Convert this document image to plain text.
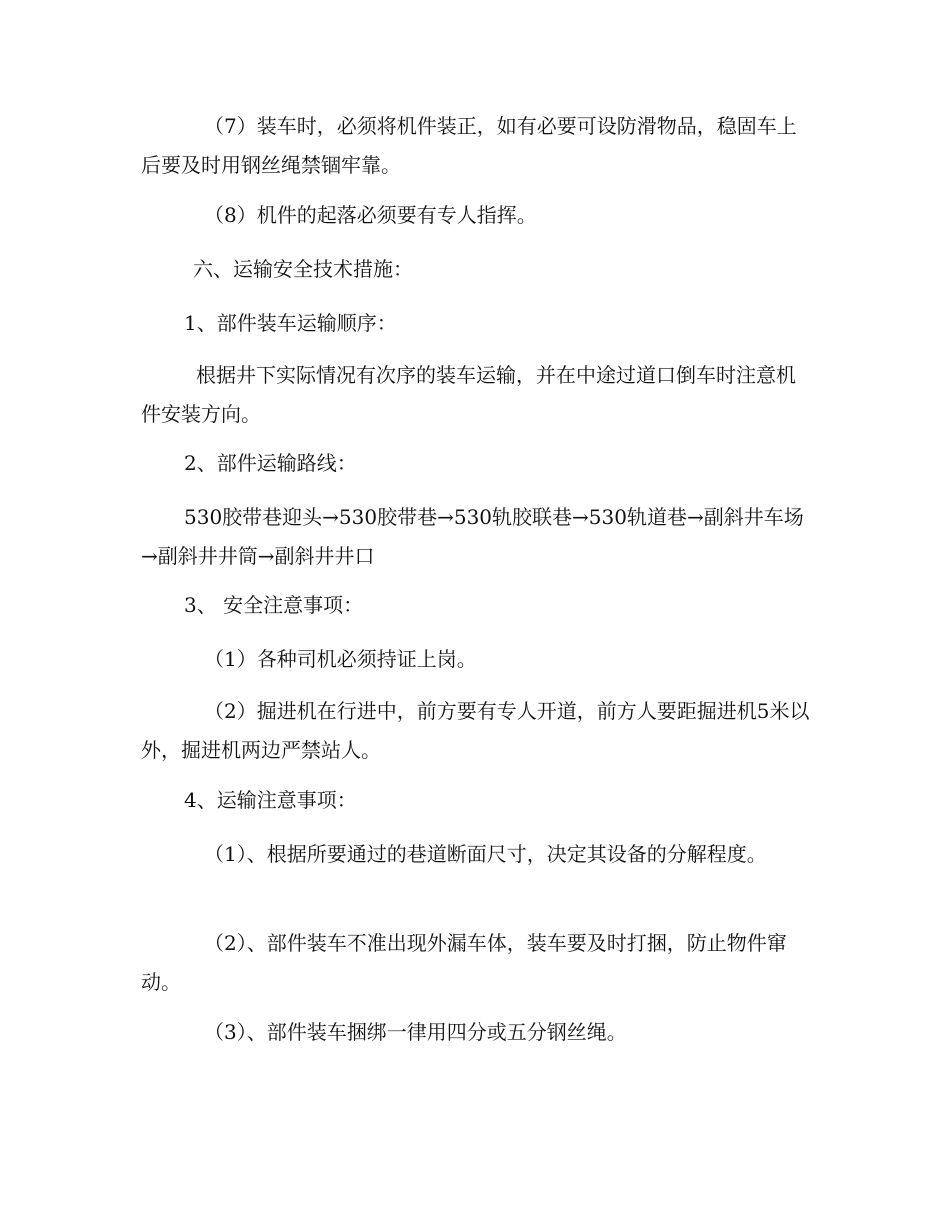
（7）装车时，必须将机件装正，如有必要可设防滑物品，稳固车上后要及时用钢丝绳禁锢牢靠。

（8）机件的起落必须要有专人指挥。

六、运输安全技术措施：

1、部件装车运输顺序：

根据井下实际情况有次序的装车运输，并在中途过道口倒车时注意机件安装方向。

2、部件运输路线：

530胶带巷迎头→530胶带巷→530轨胶联巷→530轨道巷→副斜井车场→副斜井井筒→副斜井井口

3、 安全注意事项：

（1）各种司机必须持证上岗。

（2）掘进机在行进中，前方要有专人开道，前方人要距掘进机5米以外，掘进机两边严禁站人。

4、运输注意事项：

（1）、根据所要通过的巷道断面尺寸，决定其设备的分解程度。

（2）、部件装车不准出现外漏车体，装车要及时打捆，防止物件窜动。

（3）、部件装车捆绑一律用四分或五分钢丝绳。
